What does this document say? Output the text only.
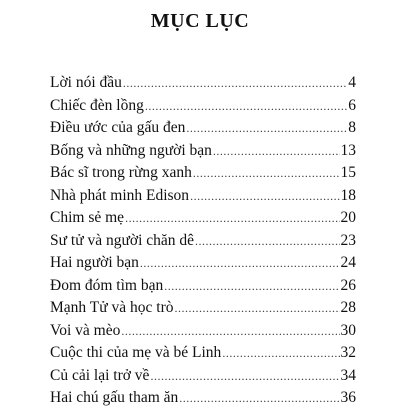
MỤC LỤC
Lời nói đầu .....	4
Chiếc đèn lồng .....	6
Điều ước của gấu đen .....	8
Bống và những người bạn .....	13
Bác sĩ trong rừng xanh .....	15
Nhà phát minh Edison .....	18
Chim sẻ mẹ .....	20
Sư tử và người chăn dê .....	23
Hai người bạn .....	24
Đom đóm tìm bạn .....	26
Mạnh Tử và học trò .....	28
Voi và mèo .....	30
Cuộc thi của mẹ và bé Linh .....	32
Củ cải lại trở về .....	34
Hai chú gấu tham ăn .....	36
